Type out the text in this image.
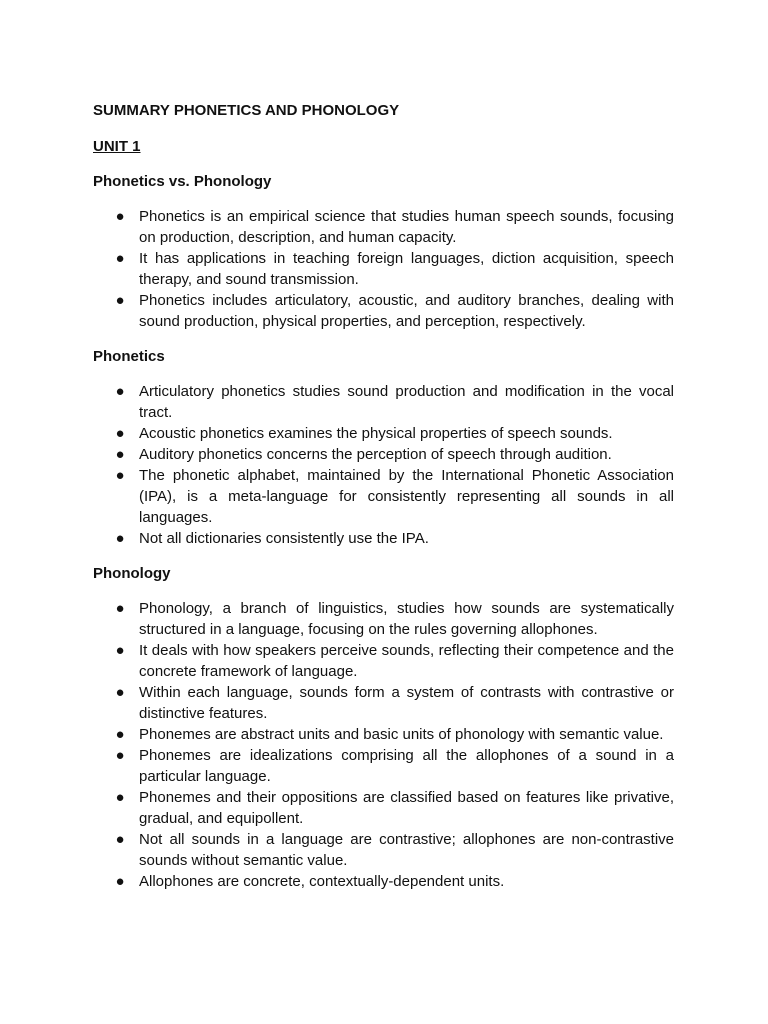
SUMMARY PHONETICS AND PHONOLOGY
UNIT 1
Phonetics vs. Phonology
● Phonetics is an empirical science that studies human speech sounds, focusing on production, description, and human capacity.
● It has applications in teaching foreign languages, diction acquisition, speech therapy, and sound transmission.
● Phonetics includes articulatory, acoustic, and auditory branches, dealing with sound production, physical properties, and perception, respectively.
Phonetics
● Articulatory phonetics studies sound production and modification in the vocal tract.
● Acoustic phonetics examines the physical properties of speech sounds.
● Auditory phonetics concerns the perception of speech through audition.
● The phonetic alphabet, maintained by the International Phonetic Association (IPA), is a meta-language for consistently representing all sounds in all languages.
● Not all dictionaries consistently use the IPA.
Phonology
● Phonology, a branch of linguistics, studies how sounds are systematically structured in a language, focusing on the rules governing allophones.
● It deals with how speakers perceive sounds, reflecting their competence and the concrete framework of language.
● Within each language, sounds form a system of contrasts with contrastive or distinctive features.
● Phonemes are abstract units and basic units of phonology with semantic value.
● Phonemes are idealizations comprising all the allophones of a sound in a particular language.
● Phonemes and their oppositions are classified based on features like privative, gradual, and equipollent.
● Not all sounds in a language are contrastive; allophones are non-contrastive sounds without semantic value.
● Allophones are concrete, contextually-dependent units.
